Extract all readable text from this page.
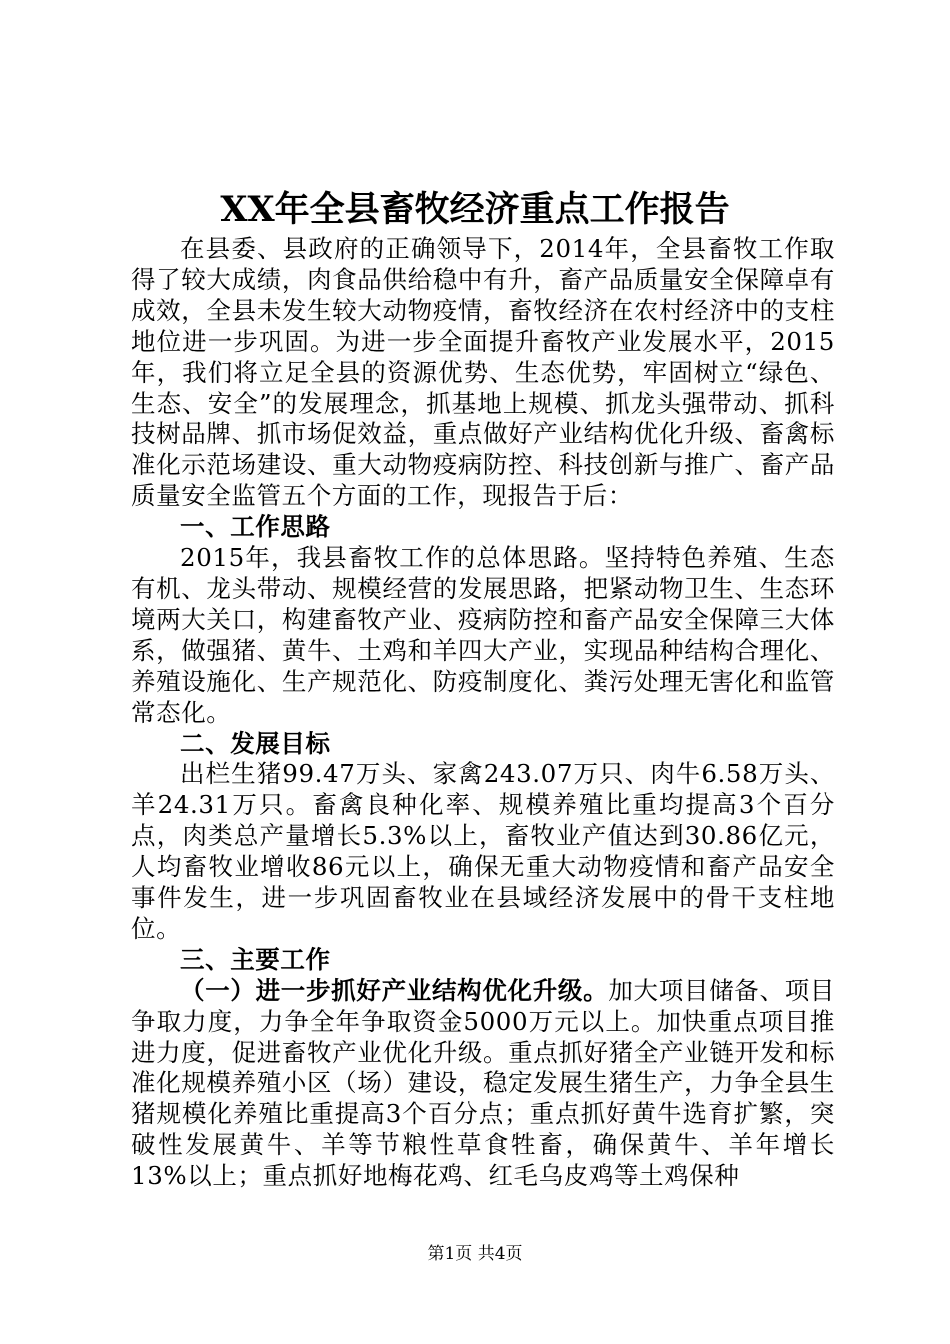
XX年全县畜牧经济重点工作报告

在县委、县政府的正确领导下，2014年，全县畜牧工作取得了较大成绩，肉食品供给稳中有升，畜产品质量安全保障卓有成效，全县未发生较大动物疫情，畜牧经济在农村经济中的支柱地位进一步巩固。为进一步全面提升畜牧产业发展水平，2015年，我们将立足全县的资源优势、生态优势，牢固树立“绿色、生态、安全”的发展理念，抓基地上规模、抓龙头强带动、抓科技树品牌、抓市场促效益，重点做好产业结构优化升级、畜禽标准化示范场建设、重大动物疫病防控、科技创新与推广、畜产品质量安全监管五个方面的工作，现报告于后：

一、工作思路

2015年，我县畜牧工作的总体思路。坚持特色养殖、生态有机、龙头带动、规模经营的发展思路，把紧动物卫生、生态环境两大关口，构建畜牧产业、疫病防控和畜产品安全保障三大体系，做强猪、黄牛、土鸡和羊四大产业，实现品种结构合理化、养殖设施化、生产规范化、防疫制度化、粪污处理无害化和监管常态化。

二、发展目标

出栏生猪99.47万头、家禽243.07万只、肉牛6.58万头、羊24.31万只。畜禽良种化率、规模养殖比重均提高3个百分点，肉类总产量增长5.3%以上，畜牧业产值达到30.86亿元，人均畜牧业增收86元以上，确保无重大动物疫情和畜产品安全事件发生，进一步巩固畜牧业在县域经济发展中的骨干支柱地位。

三、主要工作

（一）进一步抓好产业结构优化升级。加大项目储备、项目争取力度，力争全年争取资金5000万元以上。加快重点项目推进力度，促进畜牧产业优化升级。重点抓好猪全产业链开发和标准化规模养殖小区（场）建设，稳定发展生猪生产，力争全县生猪规模化养殖比重提高3个百分点；重点抓好黄牛选育扩繁，突破性发展黄牛、羊等节粮性草食牲畜，确保黄牛、羊年增长13%以上；重点抓好地梅花鸡、红毛乌皮鸡等土鸡保种

第1页 共4页
